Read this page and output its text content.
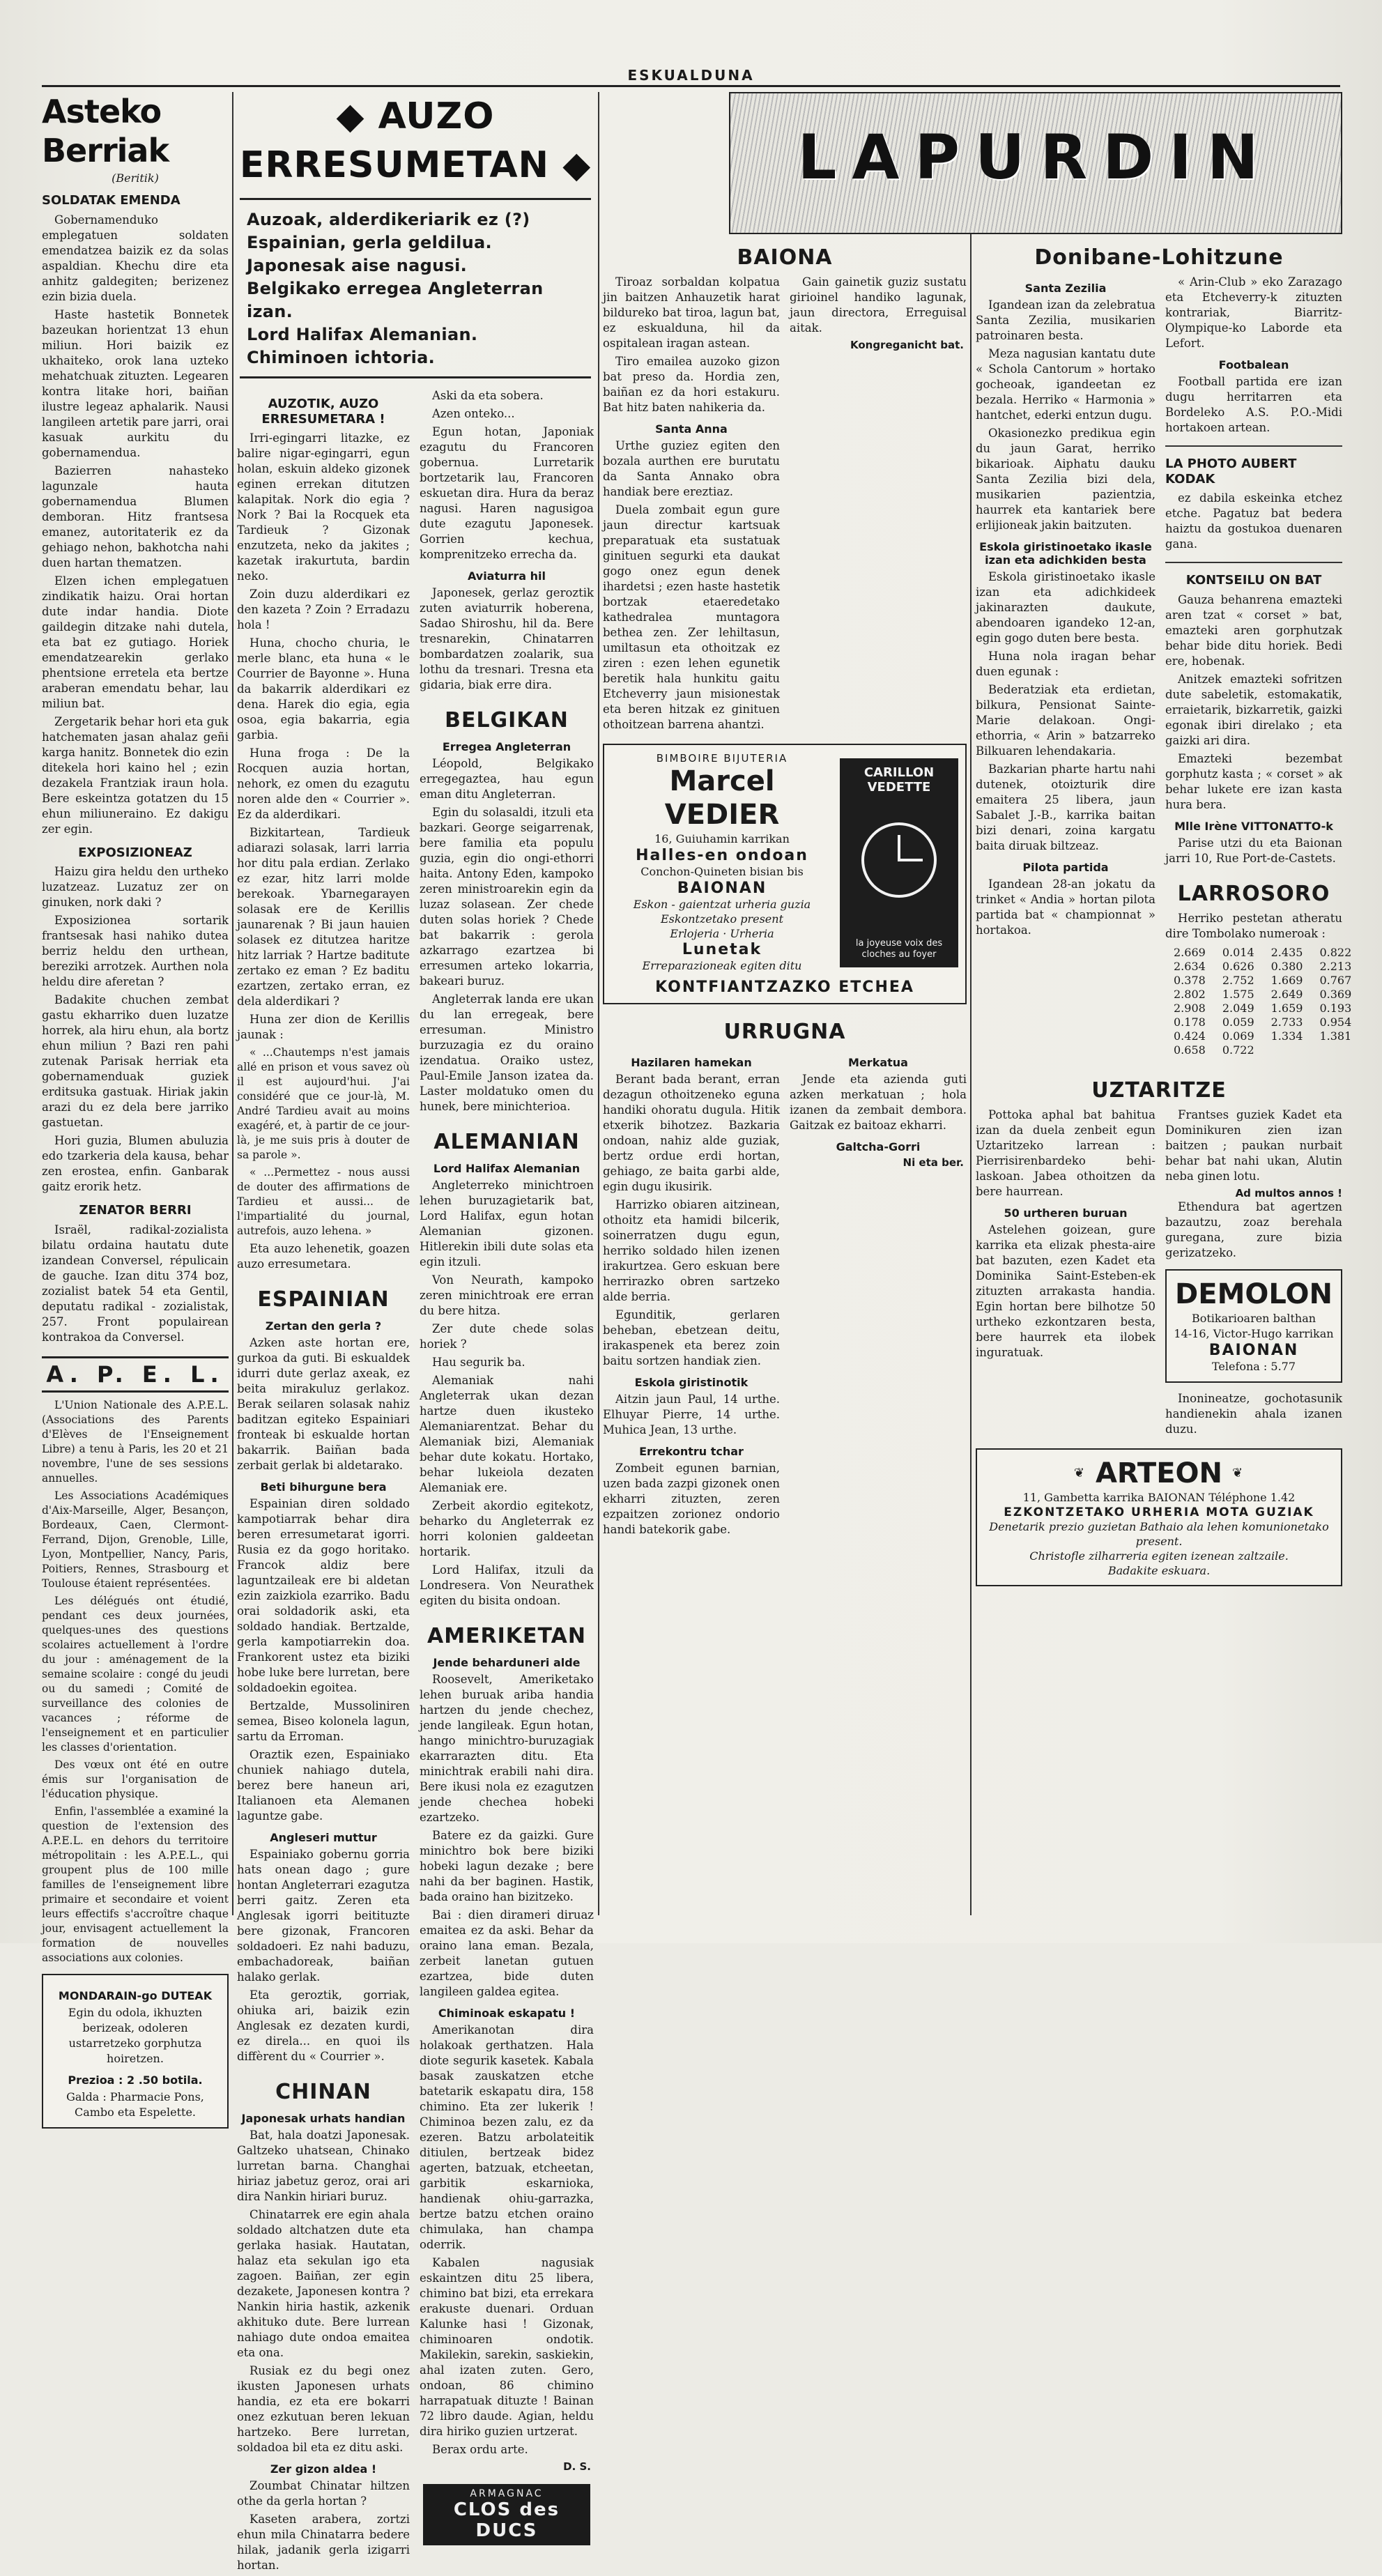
ESKUALDUNA
Asteko Berriak
(Beritik)
SOLDATAK EMENDA

Gobernamenduko emplegatuen soldaten emendatzea baizik ez da solas aspaldian. Khechu dire eta anhitz galdegiten; berizenez ezin bizia duela.

Haste hastetik Bonnetek bazeukan horientzat 13 ehun miliun. Hori baizik ez ukhaiteko, orok lana uzteko mehatchuak zituzten. Legearen kontra litake hori, baiñan ilustre legeaz aphalarik. Nausi langileen artetik pare jarri, orai kasuak aurkitu du gobernamendua.

Bazierren nahasteko lagunzale hauta gobernamendua Blumen demboran. Hitz frantsesa emanez, autoritaterik ez da gehiago nehon, bakhotcha nahi duen hartan thematzen.

Elzen ichen emplegatuen zindikatik haizu. Orai hortan dute indar handia. Diote gaildegin ditzake nahi dutela, eta bat ez gutiago. Horiek emendatzearekin gerlako phentsione erretela eta bertze araberan emendatu behar, lau miliun bat.

Zergetarik behar hori eta guk hatchematen jasan ahalaz geñi karga hanitz. Bonnetek dio ezin ditekela hori kaino hel ; ezin dezakela Frantziak iraun hola. Bere eskeintza gotatzen du 15 ehun miliuneraino. Ez dakigu zer egin.

EXPOSIZIONEAZ

Haizu gira heldu den urtheko luzatzeaz. Luzatuz zer on ginuken, nork daki ?

Exposizionea sortarik frantsesak hasi nahiko dutea berriz heldu den urthean, bereziki arrotzek. Aurthen nola heldu dire aferetan ?

Badakite chuchen zembat gastu ekharriko duen luzatze horrek, ala hiru ehun, ala bortz ehun miliun ? Bazi ren pahi zutenak Parisak herriak eta gobernamenduak guziek erditsuka gastuak. Hiriak jakin arazi du ez dela bere jarriko gastuetan.

Hori guzia, Blumen abuluzia edo tzarkeria dela kausa, behar zen erostea, enfin. Ganbarak gaitz erorik hetz.

ZENATOR BERRI

Israël, radikal-zozialista bilatu ordaina hautatu dute izandean Conversel, répulicain de gauche. Izan ditu 374 boz, zozialist batek 54 eta Gentil, deputatu radikal - zozialistak, 257. Front populairean kontrakoa da Conversel.

A. P. E. L.

L'Union Nationale des A.P.E.L. (Associations des Parents d'Elèves de l'Enseignement Libre) a tenu à Paris, les 20 et 21 novembre, l'une de ses sessions annuelles.

Les Associations Académiques d'Aix-Marseille, Alger, Besançon, Bordeaux, Caen, Clermont-Ferrand, Dijon, Grenoble, Lille, Lyon, Montpellier, Nancy, Paris, Poitiers, Rennes, Strasbourg et Toulouse étaient représentées.

Les délégués ont étudié, pendant ces deux journées, quelques-unes des questions scolaires actuellement à l'ordre du jour : aménagement de la semaine scolaire : congé du jeudi ou du samedi ; Comité de surveillance des colonies de vacances ; réforme de l'enseignement et en particulier les classes d'orientation.

Des vœux ont été en outre émis sur l'organisation de l'éducation physique.

Enfin, l'assemblée a examiné la question de l'extension des A.P.E.L. en dehors du territoire métropolitain : les A.P.E.L., qui groupent plus de 100 mille familles de l'enseignement libre primaire et secondaire et voient leurs effectifs s'accroître chaque jour, envisagent actuellement la formation de nouvelles associations aux colonies.

MONDARAIN-go DUTEAK
Egin du odola, ikhuzten berizeak, odoleren ustarretzeko gorphutza hoiretzen.
Prezioa : 2 .50 botila.
Galda : Pharmacie Pons,
Cambo eta Espelette.
◆ AUZO ERRESUMETAN ◆
Auzoak, alderdikeriarik ez (?)
Espainian, gerla geldilua.
Japonesak aise nagusi.
Belgikako erregea Angleterran izan.
Lord Halifax Alemanian.
Chiminoen ichtoria.
AUZOTIK, AUZO ERRESUMETARA !

Irri-egingarri litazke, ez balire nigar-egingarri, egun holan, eskuin aldeko gizonek eginen errekan ditutzen kalapitak. Nork dio egia ? Nork ? Bai la Rocquek eta Tardieuk ? Gizonak enzutzeta, neko da jakites ; kazetak irakurtuta, bardin neko.

Zoin duzu alderdikari ez den kazeta ? Zoin ? Erradazu hola !

Huna, chocho churia, le merle blanc, eta huna « le Courrier de Bayonne ». Huna da bakarrik alderdikari ez dena. Harek dio egia, egia osoa, egia bakarria, egia garbia.

Huna froga : De la Rocquen auzia hortan, nehork, ez omen du ezagutu noren alde den « Courrier ». Ez da alderdikari.

Bizkitartean, Tardieuk adiarazi solasak, larri larria hor ditu pala erdian. Zerlako ez ezar, hitz larri molde berekoak. Ybarnegarayen solasak ere de Kerillis jaunarenak ? Bi jaun hauien solasek ez ditutzea haritze hitz larriak ? Hartze baditute zertako ez eman ? Ez baditu ezartzen, zertako erran, ez dela alderdikari ?

Huna zer dion de Kerillis jaunak :

« ...Chautemps n'est jamais allé en prison et vous savez où il est aujourd'hui. J'ai considéré que ce jour-là, M. André Tardieu avait au moins exagéré, et, à partir de ce jour-là, je me suis pris à douter de sa parole ».

« ...Permettez - nous aussi de douter des affirmations de Tardieu et aussi... de l'impartialité du journal, autrefois, auzo lehena. »

Eta auzo lehenetik, goazen auzo erresumetara.

ESPAINIAN
Zertan den gerla ?

Azken aste hortan ere, gurkoa da guti. Bi eskualdek idurri dute gerlaz axeak, ez beita mirakuluz gerlakoz. Berak seilaren solasak nahiz baditzan egiteko Espainiari fronteak bi eskualde hortan bakarrik. Baiñan bada zerbait gerlak bi aldetarako.

Beti bihurgune bera

Espainian diren soldado kampotiarrak behar dira beren erresumetarat igorri. Rusia ez da gogo horitako. Francok aldiz bere laguntzaileak ere bi aldetan ezin zaizkiola ezarriko. Badu orai soldadorik aski, eta soldado handiak. Bertzalde, gerla kampotiarrekin doa. Frankorent ustez eta biziki hobe luke bere lurretan, bere soldadoekin egoitea.

Bertzalde, Mussoliniren semea, Biseo kolonela lagun, sartu da Erroman.

Oraztik ezen, Espainiako chuniek nahiago dutela, berez bere haneun ari, Italianoen eta Alemanen laguntze gabe.

Angleseri muttur

Espainiako gobernu gorria hats onean dago ; gure hontan Angleterrari ezagutza berri gaitz. Zeren eta Anglesak igorri beitituzte bere gizonak, Francoren soldadoeri. Ez nahi baduzu, embachadoreak, baiñan halako gerlak.

Eta geroztik, gorriak, ohiuka ari, baizik ezin Anglesak ez dezaten kurdi, ez direla... en quoi ils diffèrent du « Courrier ».

CHINAN
Japonesak urhats handian

Bat, hala doatzi Japonesak. Galtzeko uhatsean, Chinako lurretan barna. Changhai hiriaz jabetuz geroz, orai ari dira Nankin hiriari buruz.

Chinatarrek ere egin ahala soldado altchatzen dute eta gerlaka hasiak. Hautatan, halaz eta sekulan igo eta zagoen. Baiñan, zer egin dezakete, Japonesen kontra ? Nankin hiria hastik, azkenik akhituko dute. Bere lurrean nahiago dute ondoa emaitea eta ona.

Rusiak ez du begi onez ikusten Japonesen urhats handia, ez eta ere bokarri onez ezkutuan beren lekuan hartzeko. Bere lurretan, soldadoa bil eta ez ditu aski.

Zer gizon aldea !

Zoumbat Chinatar hiltzen othe da gerla hortan ?

Kaseten arabera, zortzi ehun mila Chinatarra bedere hilak, jadanik gerla izigarri hortan.

Aski da eta sobera.

Azen onteko...

Egun hotan, Japoniak ezagutu du Francoren gobernua. Lurretarik bortzetarik lau, Francoren eskuetan dira. Hura da beraz nagusi. Haren nagusigoa dute ezagutu Japonesek. Gorrien kechua, komprenitzeko errecha da.

Aviaturra hil

Japonesek, gerlaz geroztik zuten aviaturrik hoberena, Sadao Shiroshu, hil da. Bere tresnarekin, Chinatarren bombardatzen zoalarik, sua lothu da tresnari. Tresna eta gidaria, biak erre dira.

BELGIKAN
Erregea Angleterran

Léopold, Belgikako erregegaztea, hau egun eman ditu Angleterran.

Egin du solasaldi, itzuli eta bazkari. George seigarrenak, bere familia eta populu guzia, egin dio ongi-ethorri haita. Antony Eden, kampoko zeren ministroarekin egin da luzaz solasean. Zer chede duten solas horiek ? Chede bat bakarrik : gerola azkarrago ezartzea bi erresumen arteko lokarria, bakeari buruz.

Angleterrak landa ere ukan du lan erregeak, bere erresuman. Ministro burzuzagia ez du oraino izendatua. Oraiko ustez, Paul-Emile Janson izatea da. Laster moldatuko omen du hunek, bere minichterioa.

ALEMANIAN
Lord Halifax Alemanian

Angleterreko minichtroen lehen buruzagietarik bat, Lord Halifax, egun hotan Alemanian gizonen. Hitlerekin ibili dute solas eta egin itzuli.

Von Neurath, kampoko zeren minichtroak ere erran du bere hitza.

Zer dute chede solas horiek ?

Hau segurik ba.

Alemaniak nahi Angleterrak ukan dezan hartze duen ikusteko Alemaniarentzat. Behar du Alemaniak bizi, Alemaniak behar dute kokatu. Hortako, behar lukeiola dezaten Alemaniak ere.

Zerbeit akordio egitekotz, beharko du Angleterrak ez horri kolonien galdeetan hortarik.

Lord Halifax, itzuli da Londresera. Von Neurathek egiten du bisita ondoan.

AMERIKETAN
Jende beharduneri alde

Roosevelt, Ameriketako lehen buruak ariba handia hartzen du jende chechez, jende langileak. Egun hotan, hango minichtro-buruzagiak ekarrarazten ditu. Eta minichtrak erabili nahi dira. Bere ikusi nola ez ezagutzen jende chechea hobeki ezartzeko.

Batere ez da gaizki. Gure minichtro bok bere biziki hobeki lagun dezake ; bere nahi da ber baginen. Hastik, bada oraino han bizitzeko.

Bai : dien dirameri diruaz emaitea ez da aski. Behar da oraino lana eman. Bezala, zerbeit lanetan gutuen ezartzea, bide duten langileen galdea egitea.

Chiminoak eskapatu !

Amerikanotan dira holakoak gerthatzen. Hala diote segurik kasetek. Kabala basak zauskatzen etche batetarik eskapatu dira, 158 chimino. Eta zer lukerik ! Chiminoa bezen zalu, ez da ezeren. Batzu arbolateitik ditiulen, bertzeak bidez agerten, batzuak, etcheetan, garbitik eskarnioka, handienak ohiu-garrazka, bertze batzu etchen oraino chimulaka, han champa oderrik.

Kabalen nagusiak eskaintzen ditu 25 libera, chimino bat bizi, eta errekara erakuste duenari. Orduan Kalunke hasi ! Gizonak, chiminoaren ondotik. Makilekin, sarekin, saskiekin, ahal izaten zuten. Gero, ondoan, 86 chimino harrapatuak dituzte ! Bainan 72 libro daude. Agian, heldu dira hiriko guzien urtzerat.

Berax ordu arte.

D. S.
ARMAGNAC
CLOS des DUCS
LAPURDIN
BAIONA

Tiroaz sorbaldan kolpatua jin baitzen Anhauzetik harat bildureko bat tiroa, lagun bat, ez eskualduna, hil da ospitalean iragan astean.

Tiro emailea auzoko gizon bat preso da. Hordia zen, baiñan ez da hori estakuru. Bat hitz baten nahikeria da.

Santa Anna

Urthe guziez egiten den bozala aurthen ere burutatu da Santa Annako obra handiak bere ereztiaz.

Duela zombait egun gure jaun directur kartsuak preparatuak eta sustatuak ginituen segurki eta daukat gogo onez egun denek ihardetsi ; ezen haste hastetik bortzak etaeredetako kathedralea muntagora bethea zen. Zer lehiltasun, umiltasun eta othoitzak ez ziren : ezen lehen egunetik beretik hala hunkitu gaitu Etcheverry jaun misionestak eta beren hitzak ez ginituen othoitzean barrena ahantzi.

Gain gainetik guziz sustatu girioinel handiko lagunak, jaun directora, Erreguisal aitak.

Kongreganicht bat.
BIMBOIRE BIJUTERIA
Marcel VEDIER
16, Guiuhamin karrikan
Halles-en ondoan
Conchon-Quineten bisian bis
BAIONAN
Eskon - gaientzat urheria guzia
Eskontzetako present
Erlojeria · Urheria
Lunetak
Erreparazioneak egiten ditu
CARILLON VEDETTE
la joyeuse voix des cloches au foyer
KONTFIANTZAZKO ETCHEA
URRUGNA
Hazilaren hamekan

Berant bada berant, erran dezagun othoitzeneko eguna handiki ohoratu dugula. Hitik etxerik bihotzez. Bazkaria ondoan, nahiz alde guziak, bertz ordue erdi hortan, gehiago, ze baita garbi alde, egin dugu ikusirik.

Harrizko obiaren aitzinean, othoitz eta hamidi bilcerik, soinerratzen dugu egun, herriko soldado hilen izenen irakurtzea. Gero eskuan bere herrirazko obren sartzeko alde berria.

Egunditik, gerlaren beheban, ebetzean deitu, irakaspenek eta berez zoin baitu sortzen handiak zien.

Eskola giristinotik

Aitzin jaun Paul, 14 urthe. Elhuyar Pierre, 14 urthe. Muhica Jean, 13 urthe.

Errekontru tchar

Zombeit egunen barnian, uzen bada zazpi gizonek onen ekharri zituzten, zeren ezpaitzen zorionez ondorio handi batekorik gabe.

Merkatua

Jende eta azienda guti azken merkatuan ; hola izanen da zembait dembora. Gaitzak ez baitoaz ekharri.

Galtcha-Gorri
Ni eta ber.
Donibane-Lohitzune
Santa Zezilia

Igandean izan da zelebratua Santa Zezilia, musikarien patroinaren besta.

Meza nagusian kantatu dute « Schola Cantorum » hortako gocheoak, igandeetan ez bezala. Herriko « Harmonia » hantchet, ederki entzun dugu.

Okasionezko predikua egin du jaun Garat, herriko bikarioak. Aiphatu dauku Santa Zezilia bizi dela, musikarien pazientzia, haurrek eta kantariek bere erlijioneak jakin baitzuten.

Eskola giristinoetako ikasle izan eta adichkiden besta

Eskola giristinoetako ikasle izan eta adichkideek jakinarazten daukute, abendoaren igandeko 12-an, egin gogo duten bere besta.

Huna nola iragan behar duen egunak :

Bederatziak eta erdietan, bilkura, Pensionat Sainte-Marie delakoan. Ongi-ethorria, « Arin » batzarreko Bilkuaren lehendakaria.

Bazkarian pharte hartu nahi dutenek, otoizturik dire emaitera 25 libera, jaun Sabalet J.-B., karrika baitan bizi denari, zoina kargatu baita diruak biltzeaz.

Pilota partida

Igandean 28-an jokatu da trinket « Andia » hortan pilota partida bat « championnat » hortakoa.

« Arin-Club » eko Zarazago eta Etcheverry-k zituzten kontrariak, Biarritz-Olympique-ko Laborde eta Lefort.

Footbalean

Football partida ere izan dugu herritarren eta Bordeleko A.S. P.O.-Midi hortakoen artean.

LA PHOTO AUBERT KODAK

ez dabila eskeinka etchez etche. Pagatuz bat bedera haiztu da gostukoa duenaren gana.

KONTSEILU ON BAT

Gauza behanrena emazteki aren tzat « corset » bat, emazteki aren gorphutzak behar bide ditu horiek. Bedi ere, hobenak.

Anitzek emazteki sofritzen dute sabeletik, estomakatik, erraietarik, bizkarretik, gaizki egonak ibiri direlako ; eta gaizki ari dira.

Emazteki bezembat gorphutz kasta ; « corset » ak behar lukete ere izan kasta hura bera.

Mlle Irène VITTONATTO-k

Parise utzi du eta Baionan jarri 10, Rue Port-de-Castets.

LARROSORO

Herriko pestetan atheratu dire Tombolako numeroak :

2.669	0.014	2.435	0.822
2.634	0.626	0.380	2.213
0.378	2.752	1.669	0.767
2.802	1.575	2.649	0.369
2.908	2.049	1.659	0.193
0.178	0.059	2.733	0.954
0.424	0.069	1.334	1.381
0.658	0.722		
UZTARITZE

Pottoka aphal bat bahitua izan da duela zenbeit egun Uztaritzeko larrean : Pierrisirenbardeko behi-laskoan. Jabea othoitzen da bere haurrean.

50 urtheren buruan

Astelehen goizean, gure karrika eta elizak phesta-aire bat bazuten, ezen Kadet eta Dominika Saint-Esteben-ek zituzten arrakasta handia. Egin hortan bere bilhotze 50 urtheko ezkontzaren besta, bere haurrek eta ilobek inguratuak.

Frantses guziek Kadet eta Dominikuren zien izan baitzen ; paukan nurbait behar bat nahi ukan, Alutin neba ginen lotu.

Ad multos annos !

Ethendura bat agertzen bazautzu, zoaz berehala guregana, zure bizia gerizatzeko.

DEMOLON
Botikarioaren balthan
14-16, Victor-Hugo karrikan
BAIONAN
Telefona : 5.77

Inonineatze, gochotasunik handienekin ahala izanen duzu.

❦ ARTEON ❦
11, Gambetta karrika BAIONAN Téléphone 1.42
EZKONTZETAKO URHERIA MOTA GUZIAK
Denetarik prezio guzietan Bathaio ala lehen komunionetako present.
Christofle zilharreria egiten izenean zaltzaile.
Badakite eskuara.
